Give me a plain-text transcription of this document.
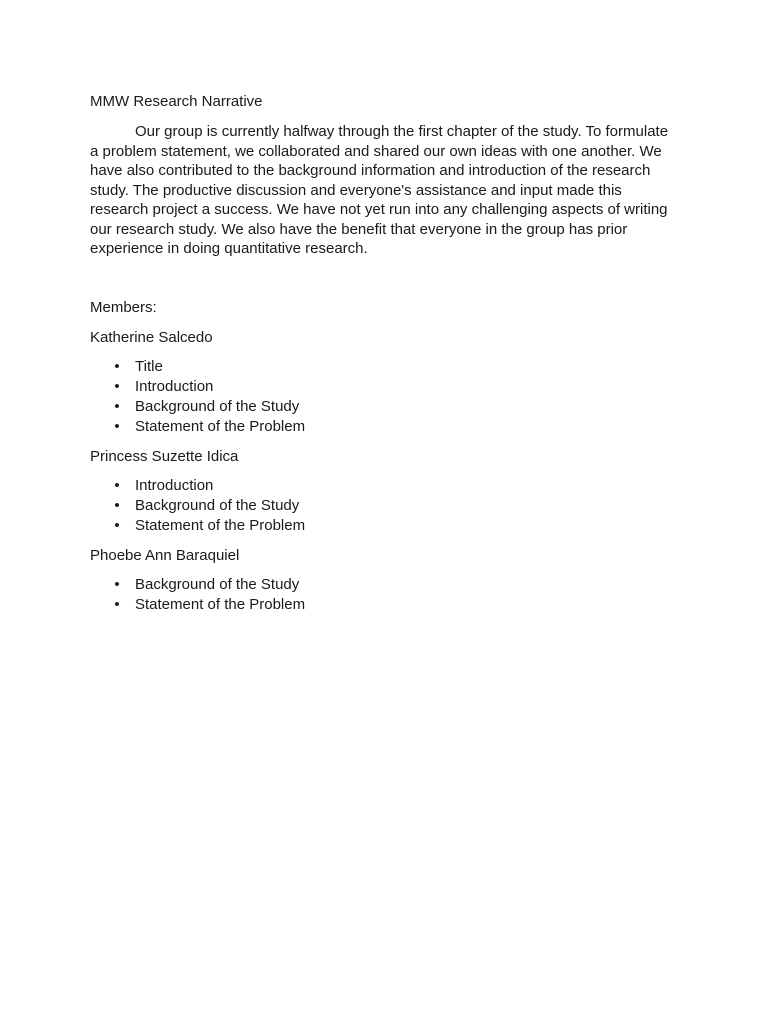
MMW Research Narrative

Our group is currently halfway through the first chapter of the study. To formulate a problem statement, we collaborated and shared our own ideas with one another. We have also contributed to the background information and introduction of the research study. The productive discussion and everyone's assistance and input made this research project a success. We have not yet run into any challenging aspects of writing our research study. We also have the benefit that everyone in the group has prior experience in doing quantitative research.

Members:

Katherine Salcedo

• Title
• Introduction
• Background of the Study
• Statement of the Problem

Princess Suzette Idica

• Introduction
• Background of the Study
• Statement of the Problem

Phoebe Ann Baraquiel

• Background of the Study
• Statement of the Problem
